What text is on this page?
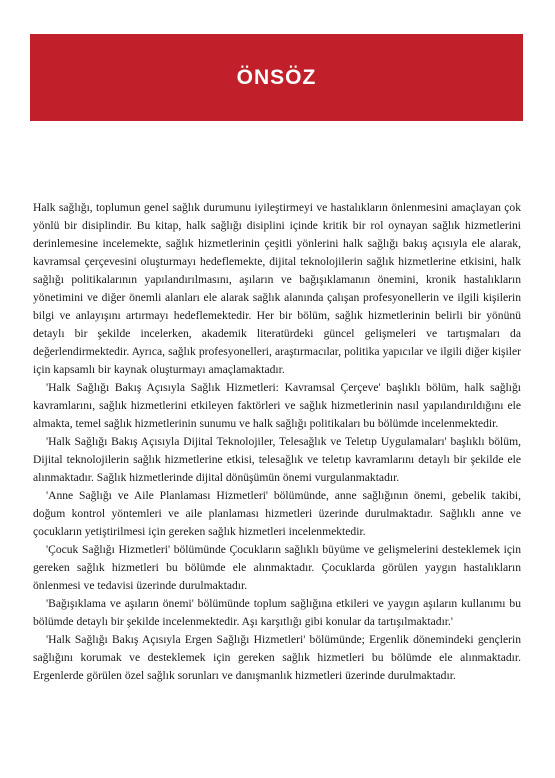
ÖNSÖZ

Halk sağlığı, toplumun genel sağlık durumunu iyileştirmeyi ve hastalıkların önlenmesini amaçlayan çok yönlü bir disiplindir. Bu kitap, halk sağlığı disiplini içinde kritik bir rol oynayan sağlık hizmetlerini derinlemesine incelemekte, sağlık hizmetlerinin çeşitli yönlerini halk sağlığı bakış açısıyla ele alarak, kavramsal çerçevesini oluşturmayı hedeflemekte, dijital teknolojilerin sağlık hizmetlerine etkisini, halk sağlığı politikalarının yapılandırılmasını, aşıların ve bağışıklamanın önemini, kronik hastalıkların yönetimini ve diğer önemli alanları ele alarak sağlık alanında çalışan profesyonellerin ve ilgili kişilerin bilgi ve anlayışını artırmayı hedeflemektedir. Her bir bölüm, sağlık hizmetlerinin belirli bir yönünü detaylı bir şekilde incelerken, akademik literatürdeki güncel gelişmeleri ve tartışmaları da değerlendirmektedir. Ayrıca, sağlık profesyonelleri, araştırmacılar, politika yapıcılar ve ilgili diğer kişiler için kapsamlı bir kaynak oluşturmayı amaçlamaktadır.

'Halk Sağlığı Bakış Açısıyla Sağlık Hizmetleri: Kavramsal Çerçeve' başlıklı bölüm, halk sağlığı kavramlarını, sağlık hizmetlerini etkileyen faktörleri ve sağlık hizmetlerinin nasıl yapılandırıldığını ele almakta, temel sağlık hizmetlerinin sunumu ve halk sağlığı politikaları bu bölümde incelenmektedir.

'Halk Sağlığı Bakış Açısıyla Dijital Teknolojiler, Telesağlık ve Teletıp Uygulamaları' başlıklı bölüm, Dijital teknolojilerin sağlık hizmetlerine etkisi, telesağlık ve teletıp kavramlarını detaylı bir şekilde ele alınmaktadır. Sağlık hizmetlerinde dijital dönüşümün önemi vurgulanmaktadır.

'Anne Sağlığı ve Aile Planlaması Hizmetleri' bölümünde, anne sağlığının önemi, gebelik takibi, doğum kontrol yöntemleri ve aile planlaması hizmetleri üzerinde durulmaktadır. Sağlıklı anne ve çocukların yetiştirilmesi için gereken sağlık hizmetleri incelenmektedir.

'Çocuk Sağlığı Hizmetleri' bölümünde Çocukların sağlıklı büyüme ve gelişmelerini desteklemek için gereken sağlık hizmetleri bu bölümde ele alınmaktadır. Çocuklarda görülen yaygın hastalıkların önlenmesi ve tedavisi üzerinde durulmaktadır.

'Bağışıklama ve aşıların önemi' bölümünde toplum sağlığına etkileri ve yaygın aşıların kullanımı bu bölümde detaylı bir şekilde incelenmektedir. Aşı karşıtlığı gibi konular da tartışılmaktadır.'

'Halk Sağlığı Bakış Açısıyla Ergen Sağlığı Hizmetleri' bölümünde; Ergenlik dönemindeki gençlerin sağlığını korumak ve desteklemek için gereken sağlık hizmetleri bu bölümde ele alınmaktadır. Ergenlerde görülen özel sağlık sorunları ve danışmanlık hizmetleri üzerinde durulmaktadır.
